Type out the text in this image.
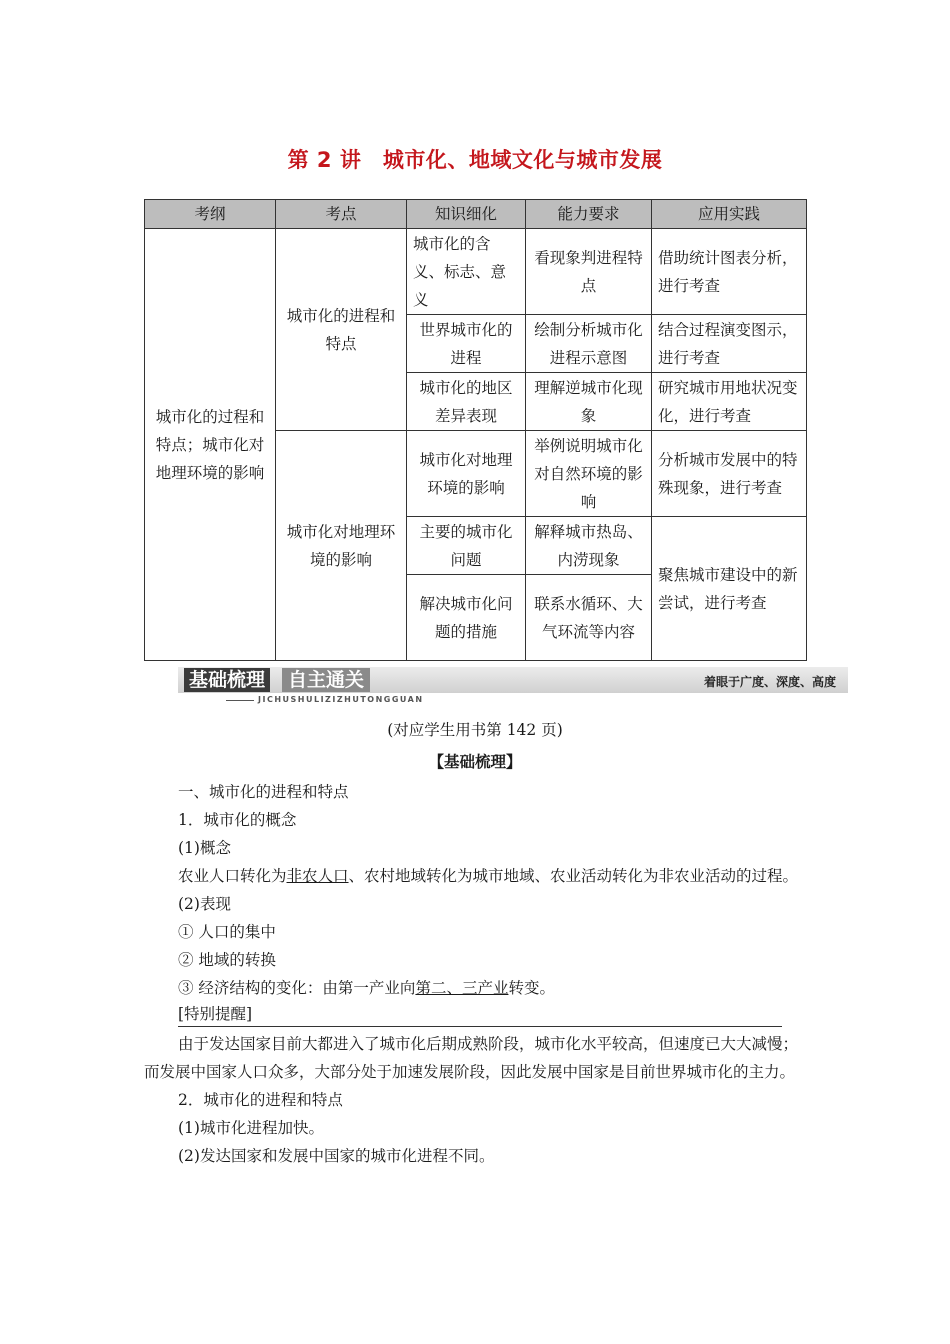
第 2 讲　城市化、地域文化与城市发展
考纲	考点	知识细化	能力要求	应用实践
城市化的过程和特点；城市化对地理环境的影响	城市化的进程和特点	城市化的含义、标志、意义	看现象判进程特点	借助统计图表分析，进行考查
		世界城市化的进程	绘制分析城市化进程示意图	结合过程演变图示，进行考查
		城市化的地区差异表现	理解逆城市化现象	研究城市用地状况变化，进行考查
	城市化对地理环境的影响	城市化对地理环境的影响	举例说明城市化对自然环境的影响	分析城市发展中的特殊现象，进行考查
		主要的城市化问题	解释城市热岛、内涝现象	聚焦城市建设中的新尝试，进行考查
		解决城市化问题的措施	联系水循环、大气环流等内容	
基础梳理	自主通关
JICHUSHULIZIZHUTONGGUAN
着眼于广度、深度、高度
(对应学生用书第 142 页)
【基础梳理】

一、城市化的进程和特点

1．城市化的概念

(1)概念

农业人口转化为非农人口、农村地域转化为城市地域、农业活动转化为非农业活动的过程。

(2)表现

① 人口的集中

② 地域的转换

③ 经济结构的变化：由第一产业向第二、三产业转变。

[特别提醒]

由于发达国家目前大都进入了城市化后期成熟阶段，城市化水平较高，但速度已大大减慢；而发展中国家人口众多，大部分处于加速发展阶段，因此发展中国家是目前世界城市化的主力。

2．城市化的进程和特点

(1)城市化进程加快。

(2)发达国家和发展中国家的城市化进程不同。
